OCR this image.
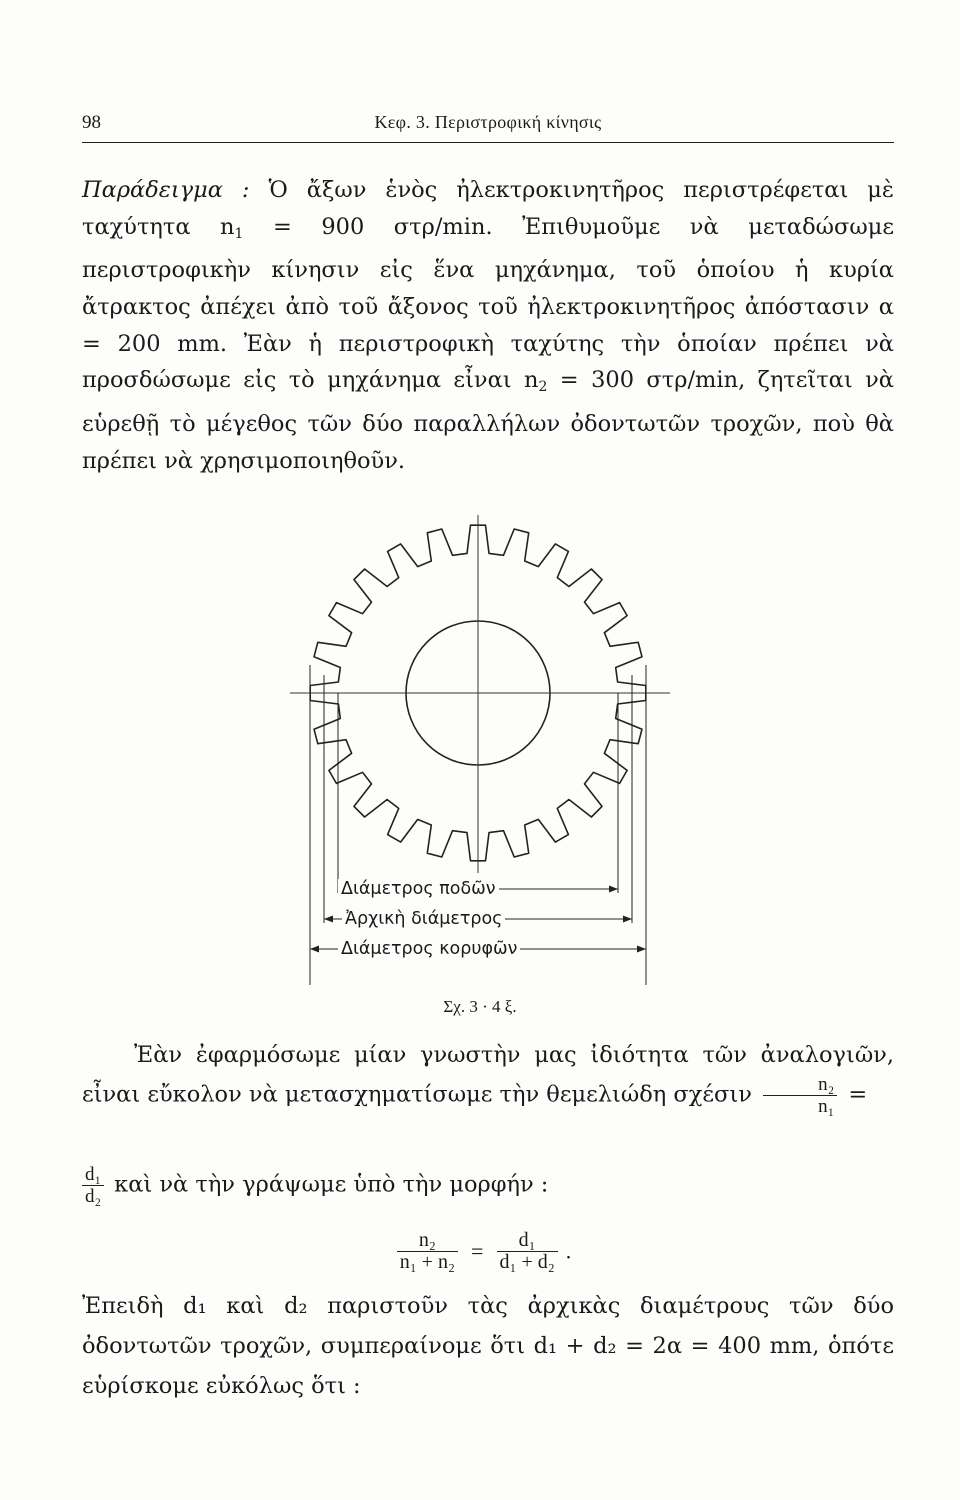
98	Κεφ. 3. Περιστροφική κίνησις
Παράδειγμα : Ὁ ἄξων ἑνὸς ἠλεκτροκινητῆρος περιστρέφεται μὲ ταχύτητα $n_1 = 900$ στρ/min. Ἐπιθυμοῦμε νὰ μεταδώσωμε περιστροφικὴν κίνησιν εἰς ἕνα μηχάνημα, τοῦ ὁποίου ἡ κυρία ἄτρακτος ἀπέχει ἀπὸ τοῦ ἄξονος τοῦ ἠλεκτροκινητῆρος ἀπόστασιν α = 200 mm. Ἐὰν ἡ περιστροφικὴ ταχύτης τὴν ὁποίαν πρέπει νὰ προσδώσωμε εἰς τὸ μηχάνημα εἶναι $n_2 = 300$ στρ/min, ζητεῖται νὰ εὑρεθῇ τὸ μέγεθος τῶν δύο παραλλήλων ὀδοντωτῶν τροχῶν, ποὺ θὰ πρέπει νὰ χρησιμοποιηθοῦν.
Διάμετρος ποδῶν
Ἀρχικὴ διάμετρος
Διάμετρος κορυφῶν
Σχ. 3 · 4 ξ.
Ἐὰν ἐφαρμόσωμε μίαν γνωστὴν μας ἰδιότητα τῶν ἀναλογιῶν, εἶναι εὔκολον νὰ μετασχηματίσωμε τὴν θεμελιώδη σχέσιν $\frac{\text{n₂}}{\text{n₁}}$ =
$\frac{\text{d₁}}{\text{d₂}}$ καὶ νὰ τὴν γράψωμε ὑπὸ τὴν μορφήν :
$\frac{\text{n₂}}{\text{n₁ + n₂}} = \frac{\text{d₁}}{\text{d₁ + d₂}}$ .
Ἐπειδὴ d₁ καὶ d₂ παριστοῦν τὰς ἀρχικὰς διαμέτρους τῶν δύο ὀδοντωτῶν τροχῶν, συμπεραίνομε ὅτι d₁ + d₂ = 2α = 400 mm, ὁπότε εὑρίσκομε εὐκόλως ὅτι :
